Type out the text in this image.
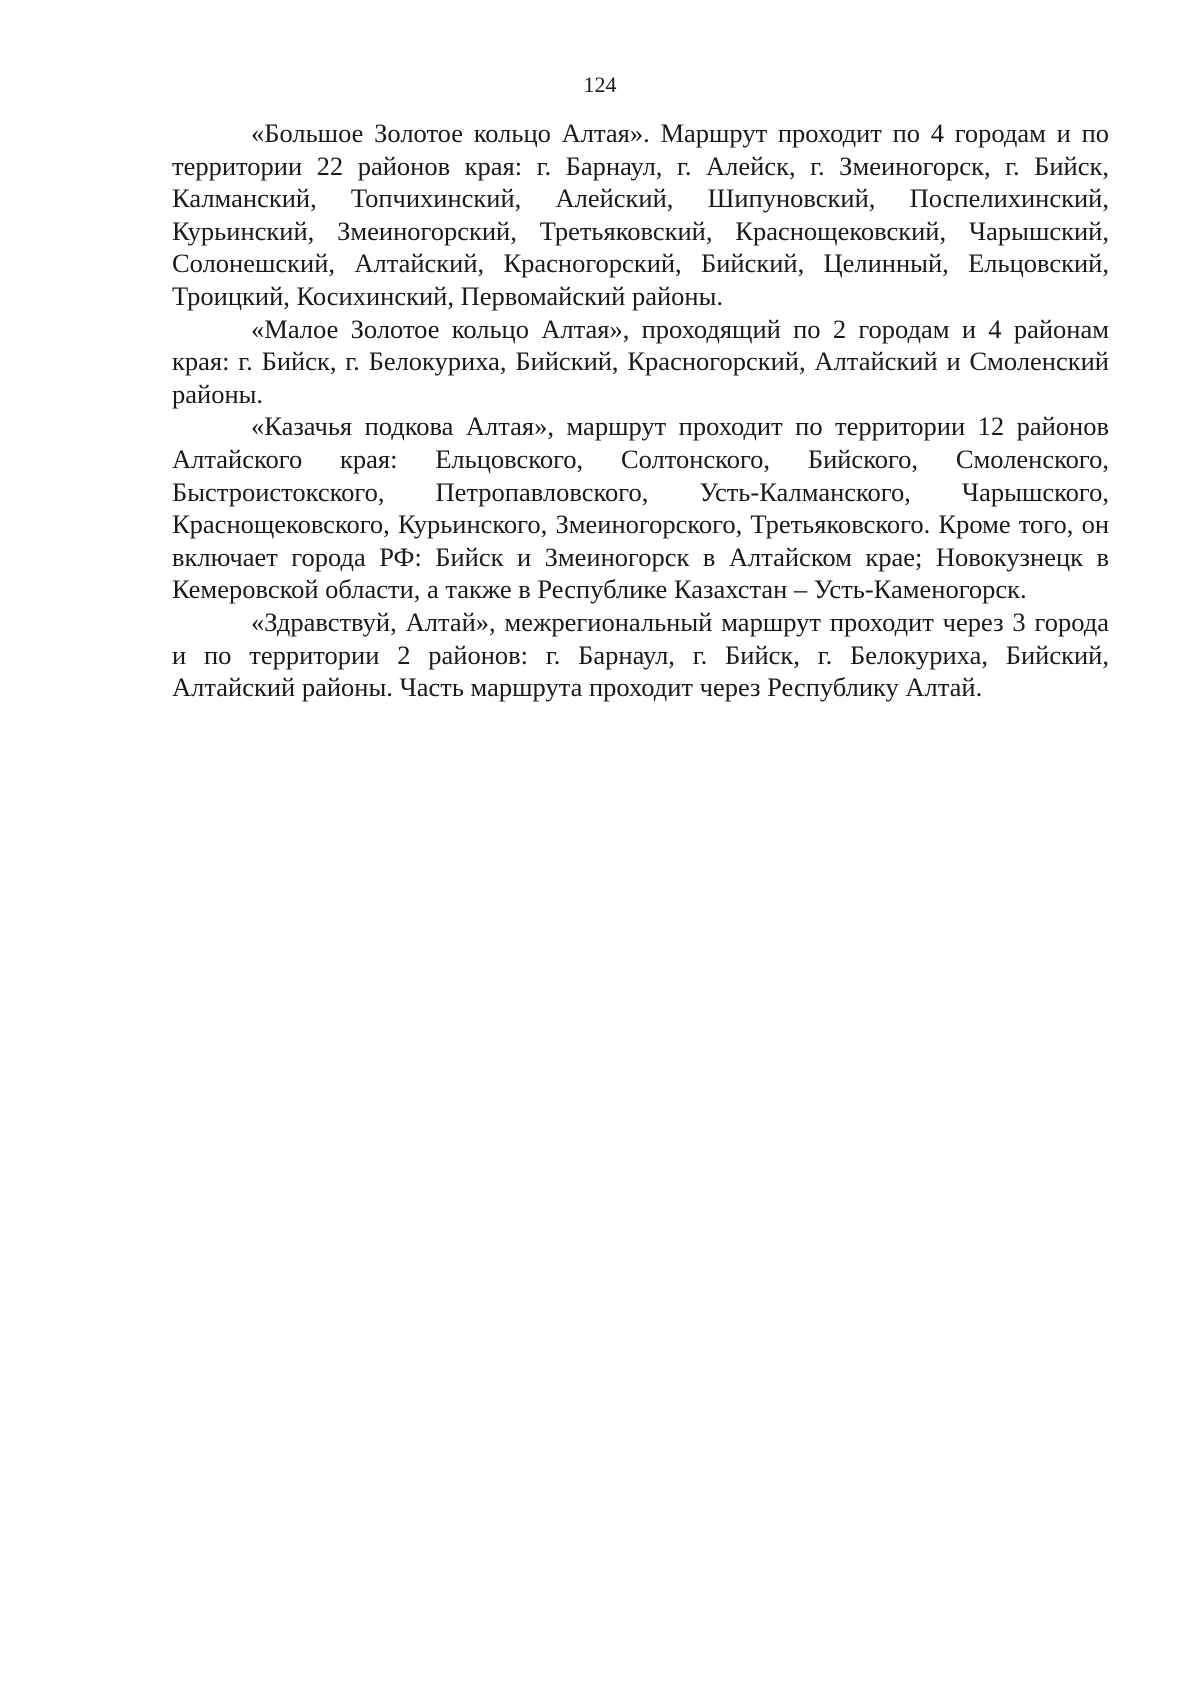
124

«Большое Золотое кольцо Алтая». Маршрут проходит по 4 городам и по территории 22 районов края: г. Барнаул, г. Алейск, г. Змеиногорск, г. Бийск, Калманский, Топчихинский, Алейский, Шипуновский, Поспелихинский, Курьинский, Змеиногорский, Третьяковский, Краснощековский, Чарышский, Солонешский, Алтайский, Красногорский, Бийский, Целинный, Ельцовский, Троицкий, Косихинский, Первомайский районы.

«Малое Золотое кольцо Алтая», проходящий по 2 городам и 4 районам края: г. Бийск, г. Белокуриха, Бийский, Красногорский, Алтайский и Смоленский районы.

«Казачья подкова Алтая», маршрут проходит по территории 12 районов Алтайского края: Ельцовского, Солтонского, Бийского, Смоленского, Быстроистокского, Петропавловского, Усть-Калманского, Чарышского, Краснощековского, Курьинского, Змеиногорского, Третьяковского. Кроме того, он включает города РФ: Бийск и Змеиногорск в Алтайском крае; Новокузнецк в Кемеровской области, а также в Республике Казахстан – Усть-Каменогорск.

«Здравствуй, Алтай», межрегиональный маршрут проходит через 3 города и по территории 2 районов: г. Барнаул, г. Бийск, г. Белокуриха, Бийский, Алтайский районы. Часть маршрута проходит через Республику Алтай.
